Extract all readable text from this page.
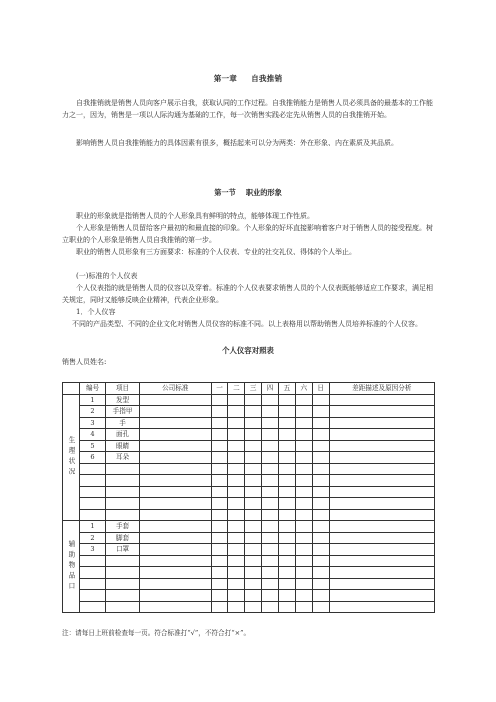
第一章 自我推销

自我推销就是销售人员向客户展示自我，获取认同的工作过程。自我推销能力是销售人员必须具备的最基本的工作能力之一，因为，销售是一项以人际沟通为基础的工作，每一次销售实践必定先从销售人员的自我推销开始。

影响销售人员自我推销能力的具体因素有很多，概括起来可以分为两类：外在形象、内在素质及其品质。

第一节 职业的形象

职业的形象就是指销售人员的个人形象具有鲜明的特点，能够体现工作性质。

个人形象是销售人员留给客户最初的和最直接的印象。个人形象的好坏直接影响着客户对于销售人员的接受程度。树立职业的个人形象是销售人员自我推销的第一步。

职业的销售人员形象有三方面要求：标准的个人仪表、专业的社交礼仪、得体的个人举止。

(一)标准的个人仪表

个人仪表指的就是销售人员的仪容以及穿着。标准的个人仪表要求销售人员的个人仪表既能够适应工作要求，满足相关规定，同时又能够反映企业精神，代表企业形象。

1．个人仪容

不同的产品类型、不同的企业文化对销售人员仪容的标准不同。以上表格用以帮助销售人员培养标准的个人仪容。

个人仪容对照表
销售人员姓名:
	编号	项目	公司标准	一	二	三	四	五	六	日	差距描述及原因分析
生理状况	1	发型									
	2	手指甲									
	3	手									
	4	面孔									
	5	眼睛									
	6	耳朵									

辅助物品口	1	手套									
	2	脚套									
	3	口罩									

注：请每日上班前检查每一页。符合标准打“√”，不符合打“×”。
